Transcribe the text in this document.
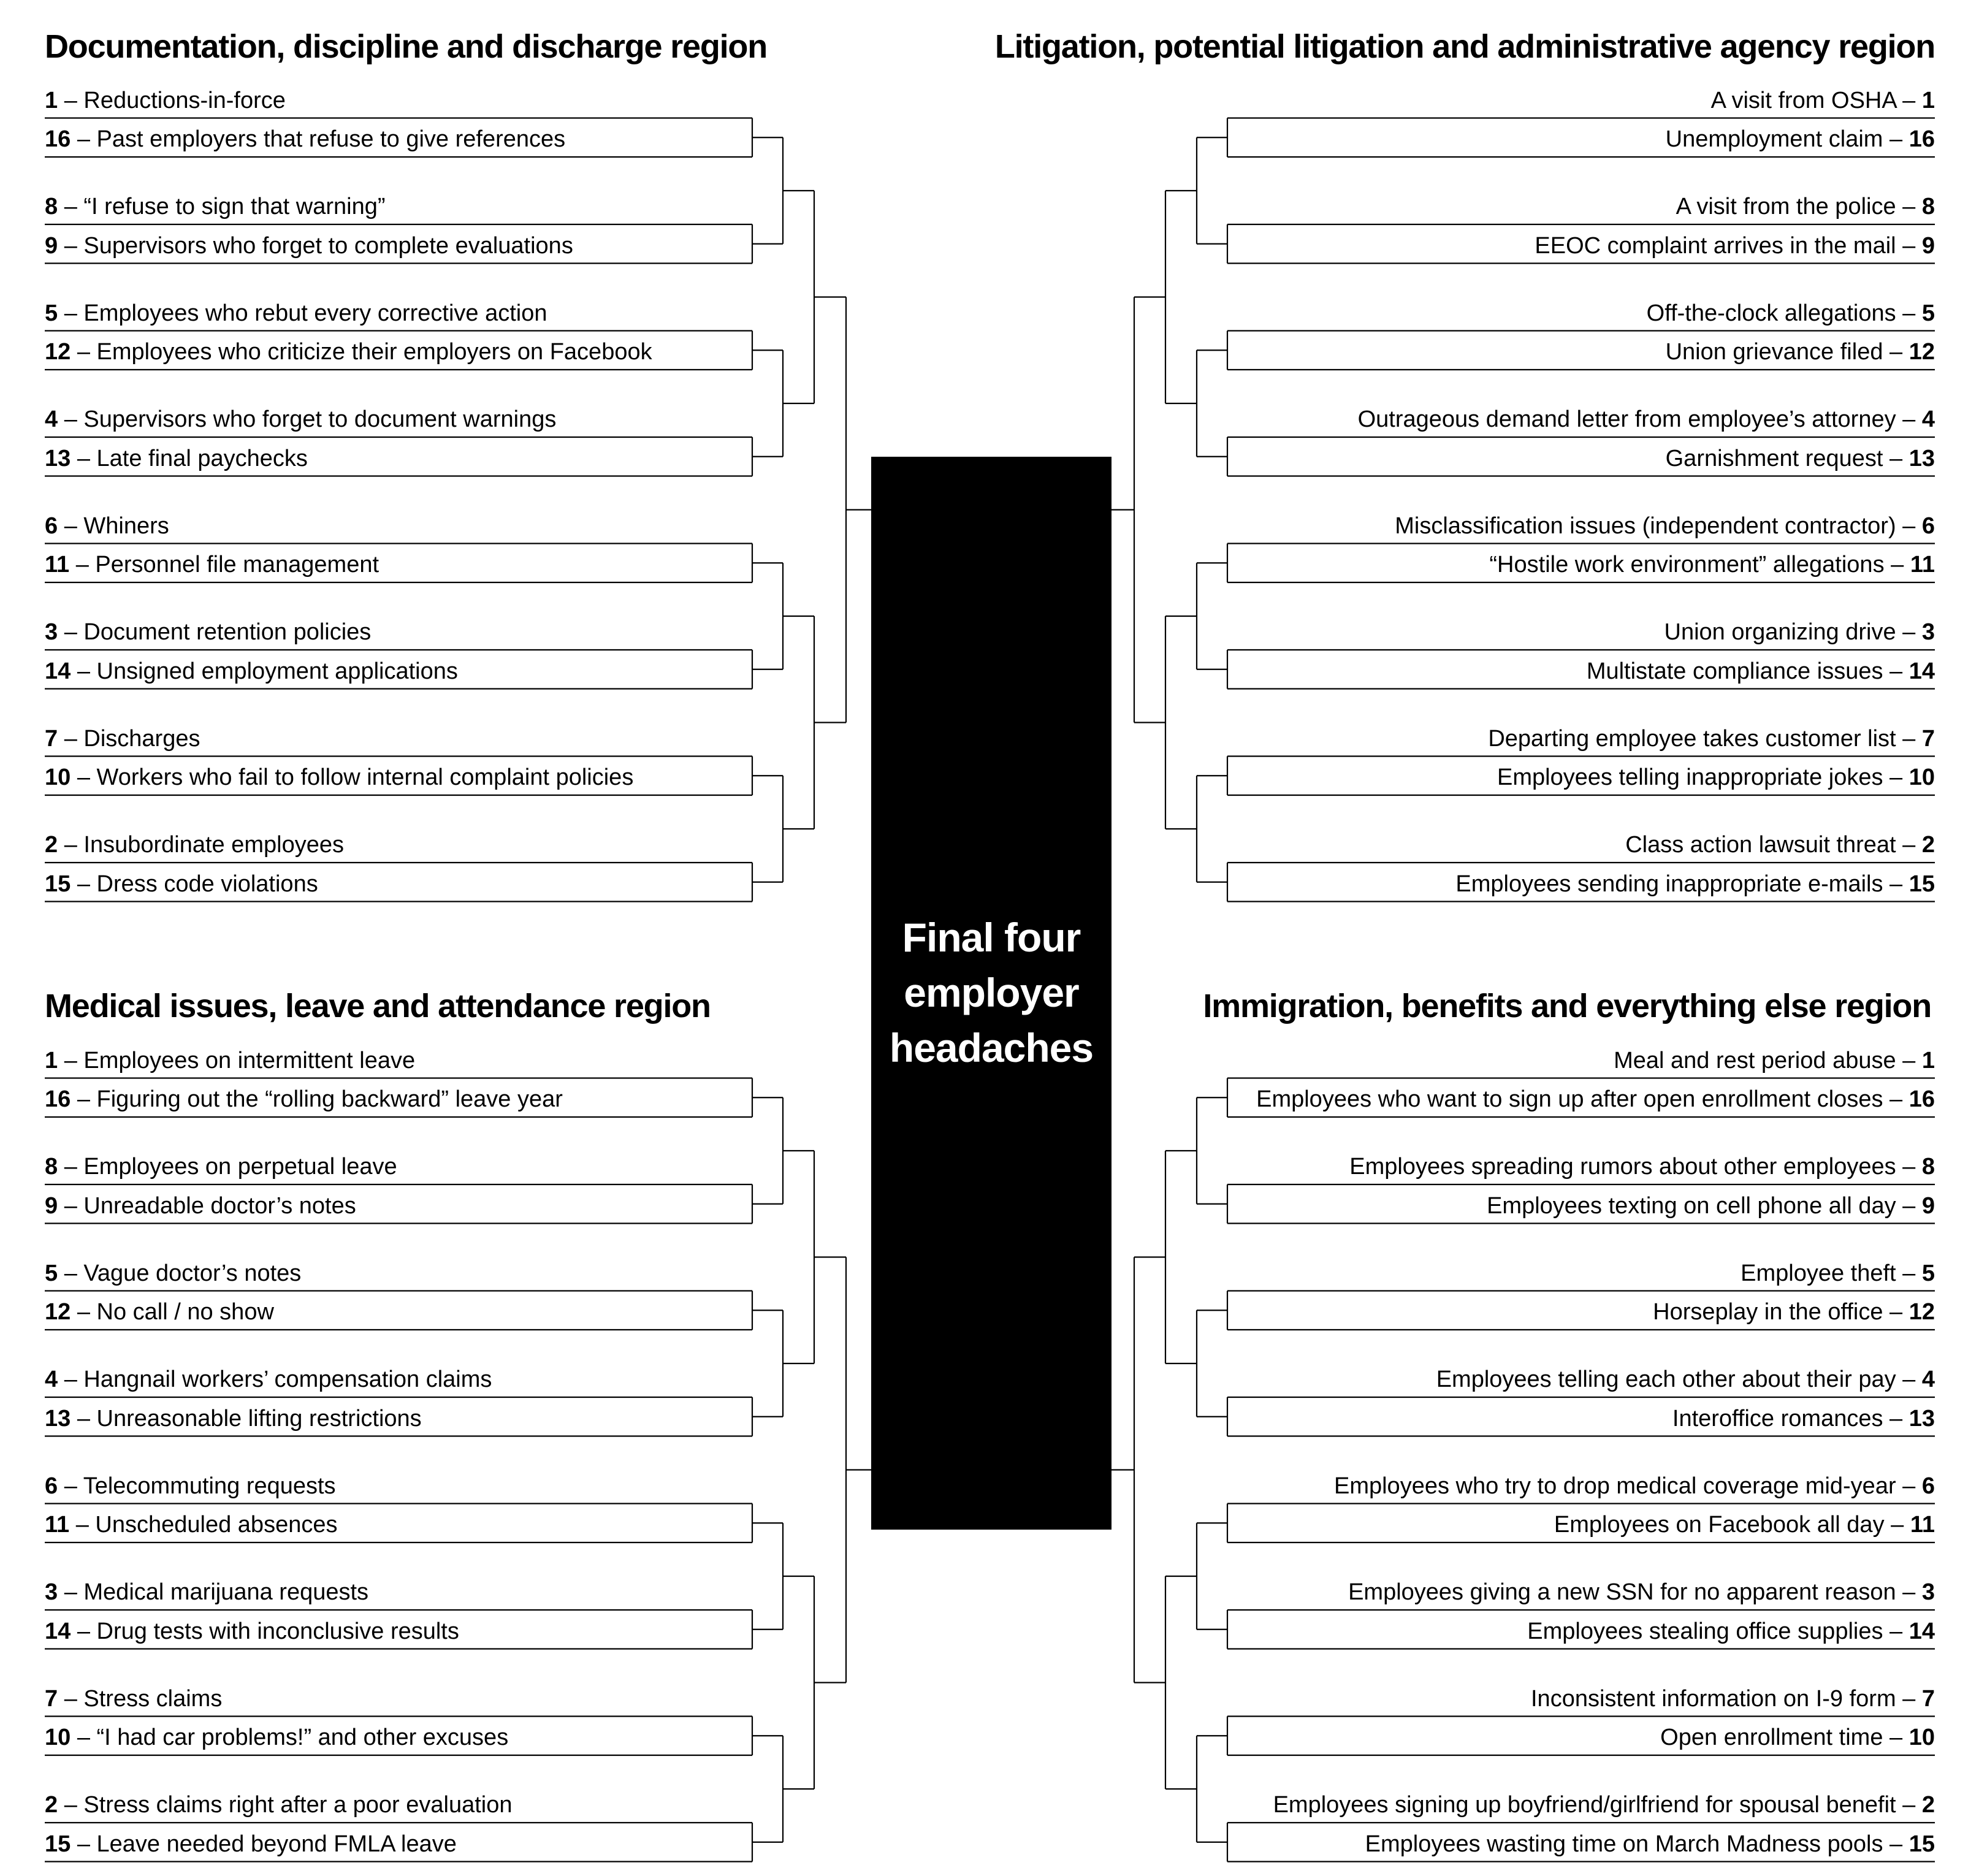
Documentation, discipline and discharge region	Litigation, potential litigation and administrative agency region
Medical issues, leave and attendance region	Immigration, benefits and everything else region
Final four
employer
headaches
1 – Reductions-in-force
16 – Past employers that refuse to give references
8 – “I refuse to sign that warning”
9 – Supervisors who forget to complete evaluations
5 – Employees who rebut every corrective action
12 – Employees who criticize their employers on Facebook
4 – Supervisors who forget to document warnings
13 – Late final paychecks
6 – Whiners
11 – Personnel file management
3 – Document retention policies
14 – Unsigned employment applications
7 – Discharges
10 – Workers who fail to follow internal complaint policies
2 – Insubordinate employees
15 – Dress code violations
A visit from OSHA – 1
Unemployment claim – 16
A visit from the police – 8
EEOC complaint arrives in the mail – 9
Off-the-clock allegations – 5
Union grievance filed – 12
Outrageous demand letter from employee’s attorney – 4
Garnishment request – 13
Misclassification issues (independent contractor) – 6
“Hostile work environment” allegations – 11
Union organizing drive – 3
Multistate compliance issues – 14
Departing employee takes customer list – 7
Employees telling inappropriate jokes – 10
Class action lawsuit threat – 2
Employees sending inappropriate e-mails – 15
1 – Employees on intermittent leave
16 – Figuring out the “rolling backward” leave year
8 – Employees on perpetual leave
9 – Unreadable doctor’s notes
5 – Vague doctor’s notes
12 – No call / no show
4 – Hangnail workers’ compensation claims
13 – Unreasonable lifting restrictions
6 – Telecommuting requests
11 – Unscheduled absences
3 – Medical marijuana requests
14 – Drug tests with inconclusive results
7 – Stress claims
10 – “I had car problems!” and other excuses
2 – Stress claims right after a poor evaluation
15 – Leave needed beyond FMLA leave
Meal and rest period abuse – 1
Employees who want to sign up after open enrollment closes – 16
Employees spreading rumors about other employees – 8
Employees texting on cell phone all day – 9
Employee theft – 5
Horseplay in the office – 12
Employees telling each other about their pay – 4
Interoffice romances – 13
Employees who try to drop medical coverage mid-year – 6
Employees on Facebook all day – 11
Employees giving a new SSN for no apparent reason – 3
Employees stealing office supplies – 14
Inconsistent information on I-9 form – 7
Open enrollment time – 10
Employees signing up boyfriend/girlfriend for spousal benefit – 2
Employees wasting time on March Madness pools – 15
